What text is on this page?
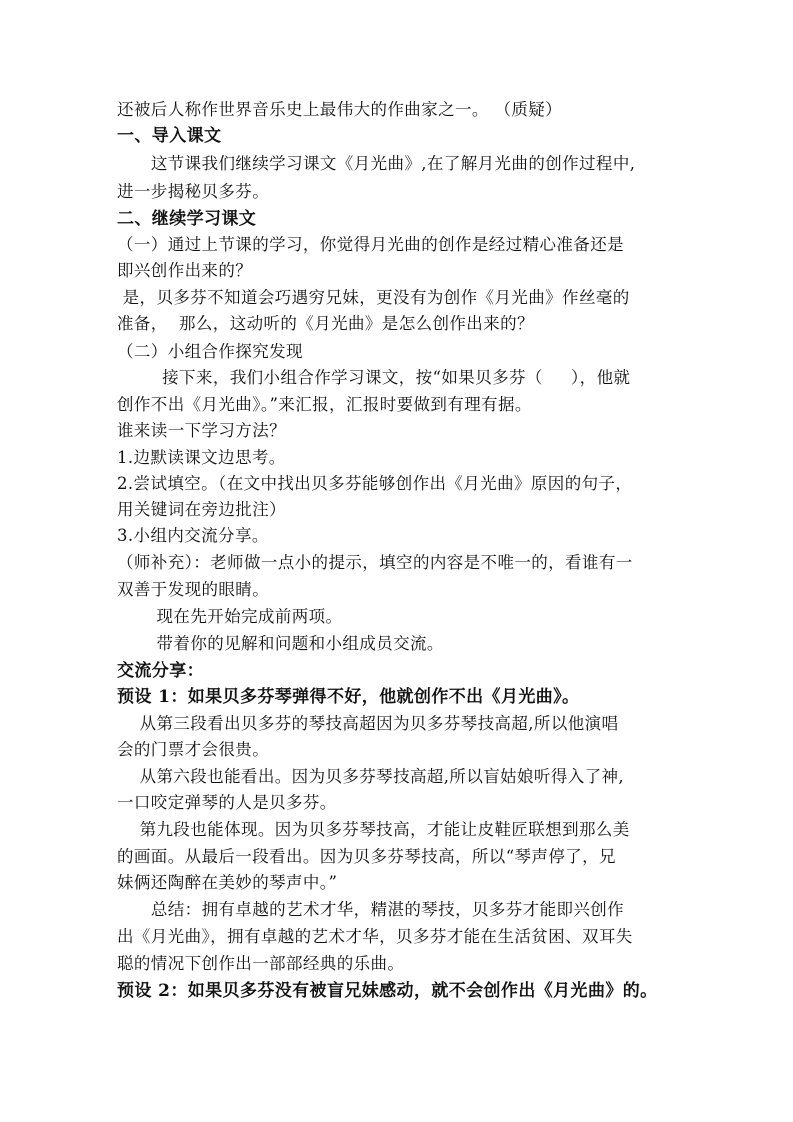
还被后人称作世界音乐史上最伟大的作曲家之一。 （质疑）
一、导入课文
这节课我们继续学习课文《月光曲》,在了解月光曲的创作过程中,
进一步揭秘贝多芬。
二、继续学习课文
（一）通过上节课的学习，你觉得月光曲的创作是经过精心准备还是
即兴创作出来的？
是，贝多芬不知道会巧遇穷兄妹，更没有为创作《月光曲》作丝毫的
准备，  那么，这动听的《月光曲》是怎么创作出来的？
（二）小组合作探究发现
接下来，我们小组合作学习课文，按“如果贝多芬（     ），他就
创作不出《月光曲》。”来汇报，汇报时要做到有理有据。
谁来读一下学习方法？
1.边默读课文边思考。
2.尝试填空。（在文中找出贝多芬能够创作出《月光曲》原因的句子，
用关键词在旁边批注）
3.小组内交流分享。
（师补充）：老师做一点小的提示，填空的内容是不唯一的，看谁有一
双善于发现的眼睛。
现在先开始完成前两项。
带着你的见解和问题和小组成员交流。
交流分享：
预设 1：如果贝多芬琴弹得不好，他就创作不出《月光曲》。
从第三段看出贝多芬的琴技高超因为贝多芬琴技高超,所以他演唱
会的门票才会很贵。
从第六段也能看出。因为贝多芬琴技高超,所以盲姑娘听得入了神,
一口咬定弹琴的人是贝多芬。
第九段也能体现。因为贝多芬琴技高，才能让皮鞋匠联想到那么美
的画面。从最后一段看出。因为贝多芬琴技高，所以“琴声停了，兄
妹俩还陶醉在美妙的琴声中。”
总结：拥有卓越的艺术才华，精湛的琴技，贝多芬才能即兴创作
出《月光曲》，拥有卓越的艺术才华，贝多芬才能在生活贫困、双耳失
聪的情况下创作出一部部经典的乐曲。
预设 2：如果贝多芬没有被盲兄妹感动，就不会创作出《月光曲》的。
